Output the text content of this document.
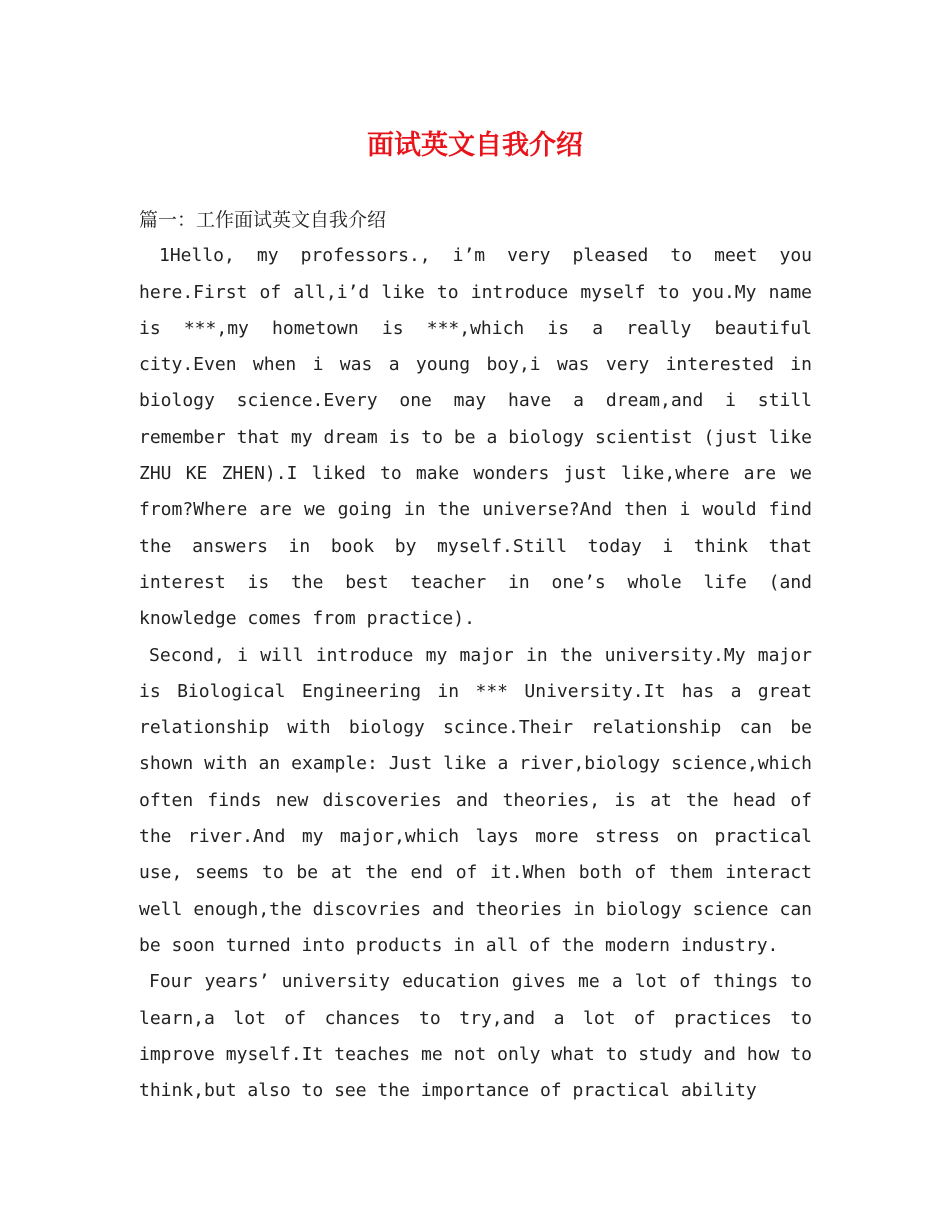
面试英文自我介绍

篇一：工作面试英文自我介绍

1Hello, my professors., i’m very pleased to meet you here.First of all,i’d like to introduce myself to you.My name is ***,my hometown is ***,which is a really beautiful city.Even when i was a young boy,i was very interested in biology science.Every one may have a dream,and i still remember that my dream is to be a biology scientist (just like ZHU KE ZHEN).I liked to make wonders just like,where are we from?Where are we going in the universe?And then i would find the answers in book by myself.Still today i think that interest is the best teacher in one’s whole life (and knowledge comes from practice).

Second, i will introduce my major in the university.My major is Biological Engineering in *** University.It has a great relationship with biology scince.Their relationship can be shown with an example: Just like a river,biology science,which often finds new discoveries and theories, is at the head of the river.And my major,which lays more stress on practical use, seems to be at the end of it.When both of them interact well enough,the discovries and theories in biology science can be soon turned into products in all of the modern industry.

Four years’ university education gives me a lot of things to learn,a lot of chances to try,and a lot of practices to improve myself.It teaches me not only what to study and how to think,but also to see the importance of practical ability
